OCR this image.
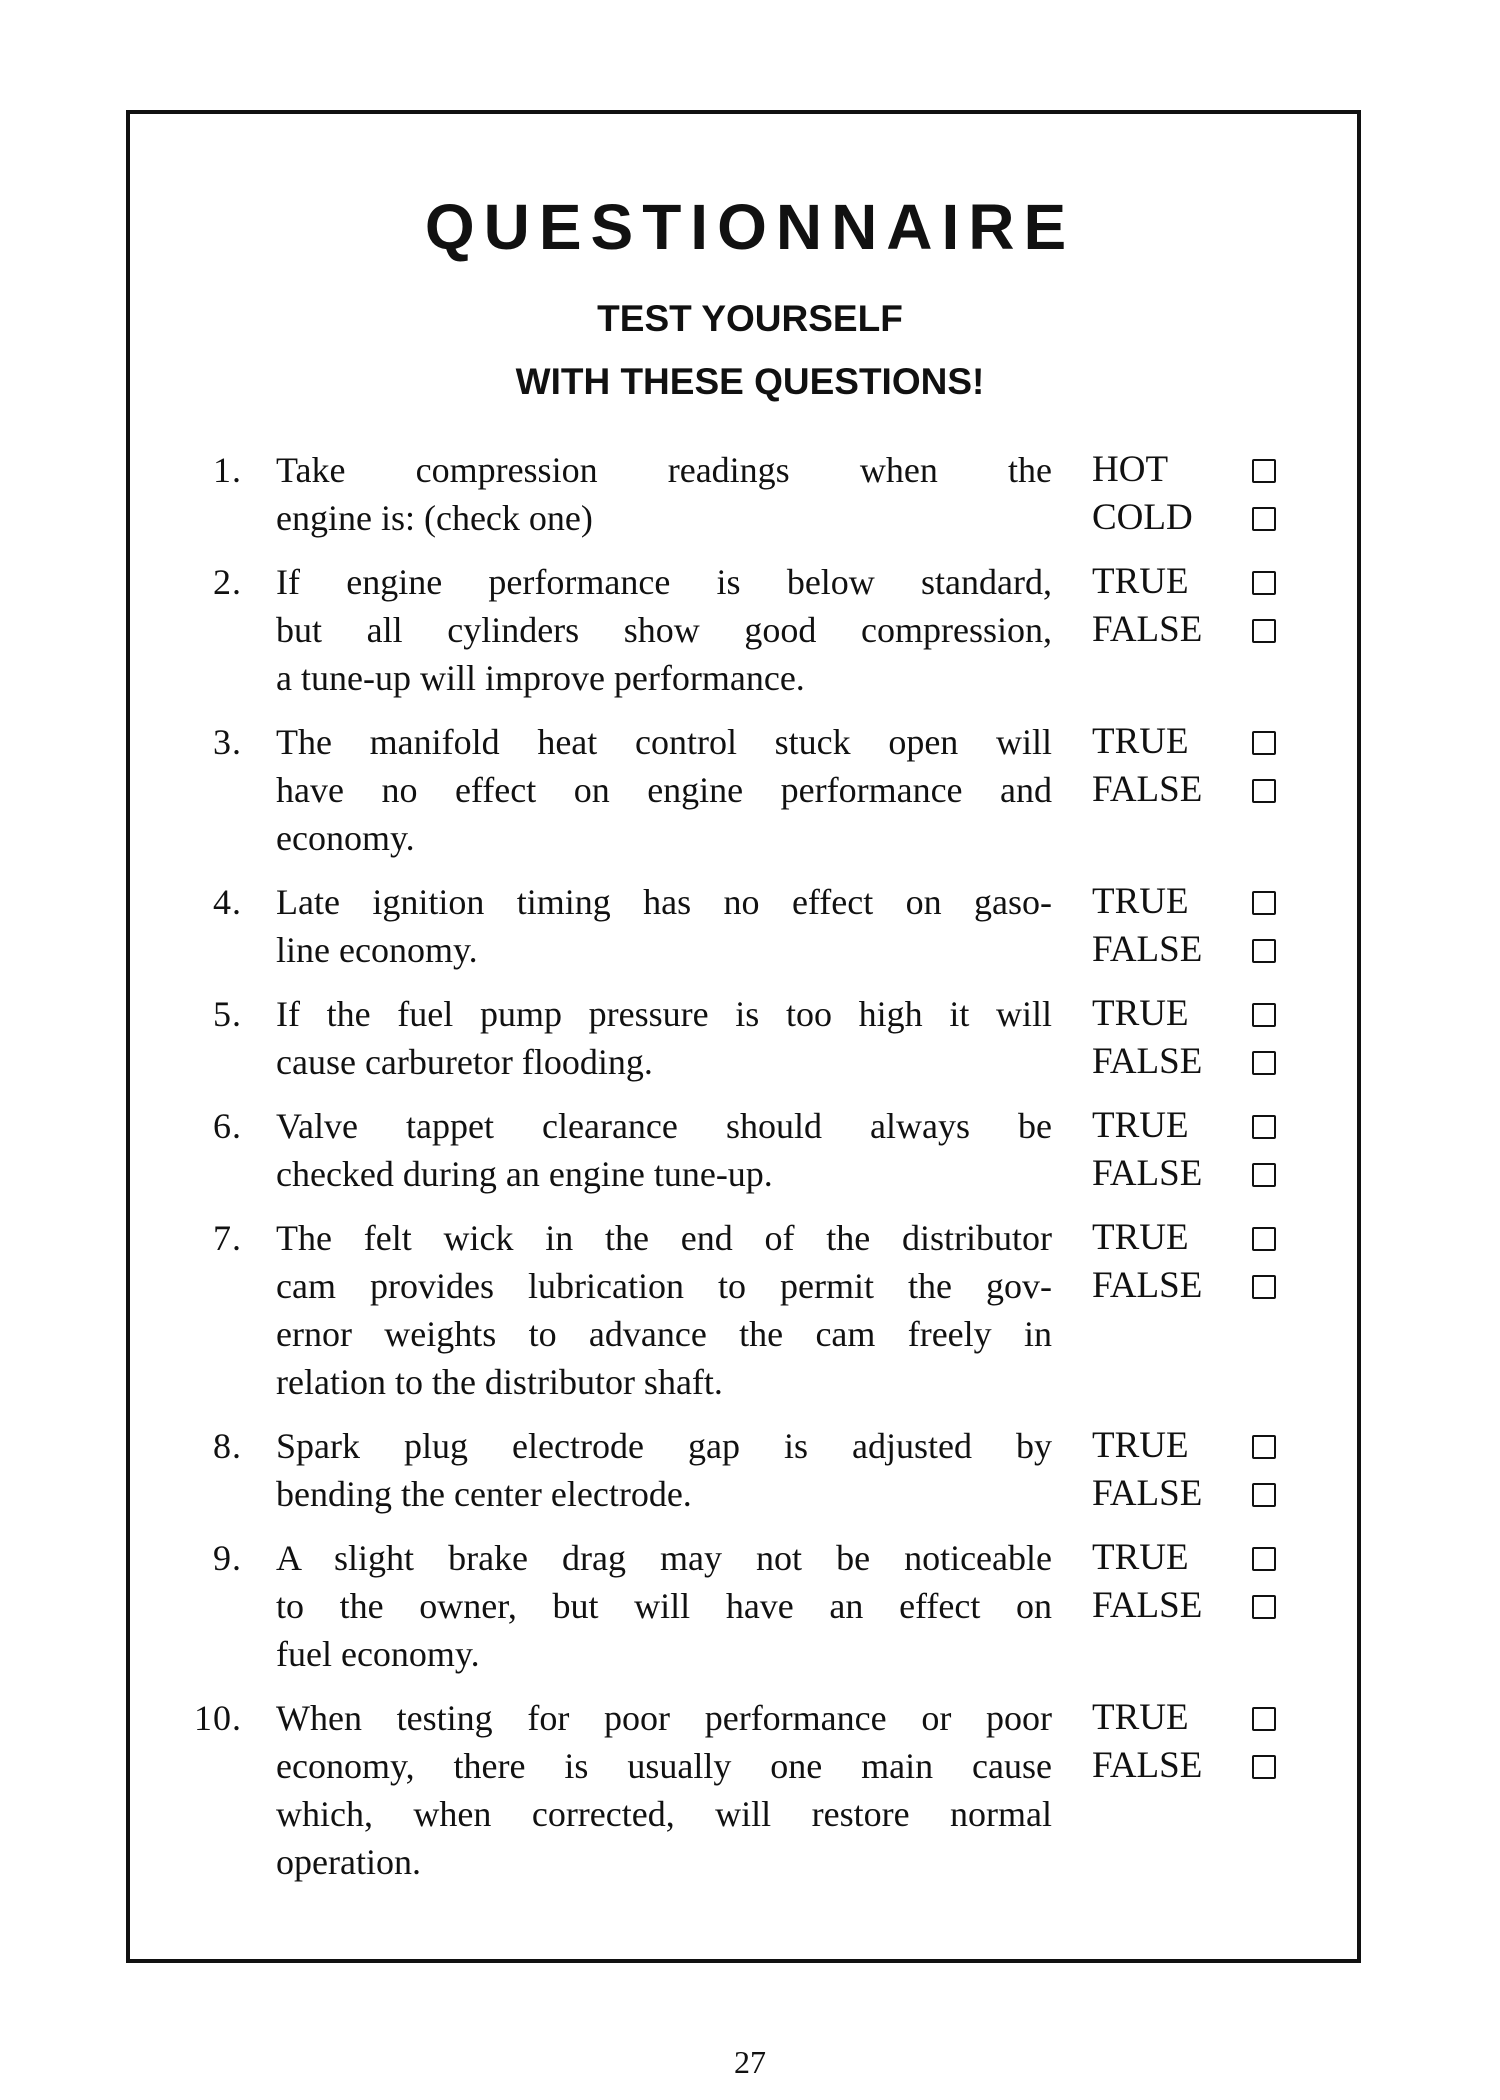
QUESTIONNAIRE
TEST YOURSELF
WITH THESE QUESTIONS!
1. Take compression readings when the
engine is: (check one)
HOT
COLD
2. If engine performance is below standard,
but all cylinders show good compression,
a tune-up will improve performance.
TRUE
FALSE
3. The manifold heat control stuck open will
have no effect on engine performance and
economy.
TRUE
FALSE
4. Late ignition timing has no effect on gaso-
line economy.
TRUE
FALSE
5. If the fuel pump pressure is too high it will
cause carburetor flooding.
TRUE
FALSE
6. Valve tappet clearance should always be
checked during an engine tune-up.
TRUE
FALSE
7. The felt wick in the end of the distributor
cam provides lubrication to permit the gov-
ernor weights to advance the cam freely in
relation to the distributor shaft.
TRUE
FALSE
8. Spark plug electrode gap is adjusted by
bending the center electrode.
TRUE
FALSE
9. A slight brake drag may not be noticeable
to the owner, but will have an effect on
fuel economy.
TRUE
FALSE
10. When testing for poor performance or poor
economy, there is usually one main cause
which, when corrected, will restore normal
operation.
TRUE
FALSE
27
